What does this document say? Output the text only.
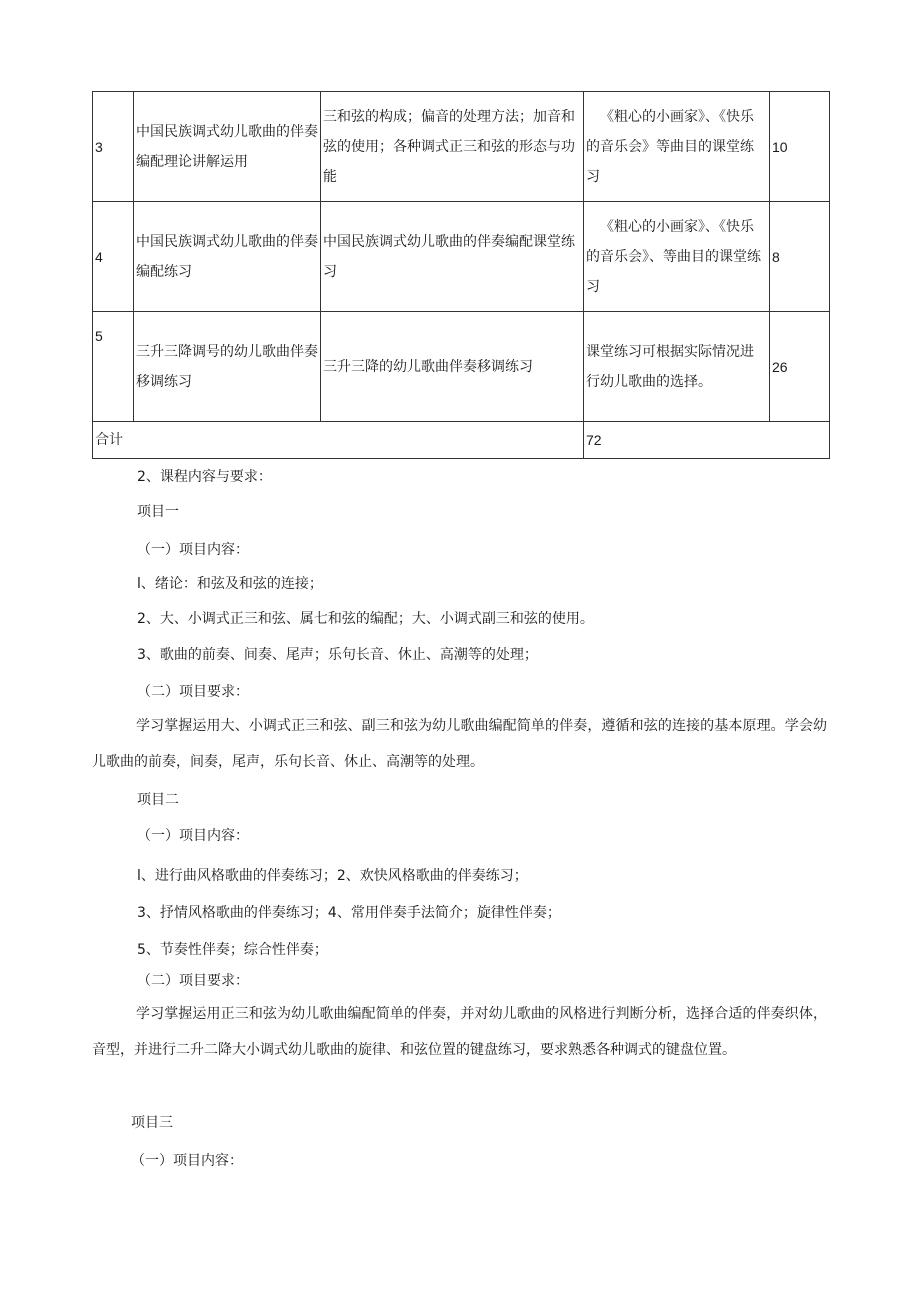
3	中国民族调式幼儿歌曲的伴奏编配理论讲解运用	三和弦的构成；偏音的处理方法；加音和弦的使用；各种调式正三和弦的形态与功能	《粗心的小画家》、《快乐的音乐会》等曲目的课堂练习	10
4	中国民族调式幼儿歌曲的伴奏编配练习	中国民族调式幼儿歌曲的伴奏编配课堂练习	《粗心的小画家》、《快乐的音乐会》、等曲目的课堂练习	8
5	三升三降调号的幼儿歌曲伴奏移调练习	三升三降的幼儿歌曲伴奏移调练习	课堂练习可根据实际情况进行幼儿歌曲的选择。	26
合计			72	
2、课程内容与要求：
项目一
（一）项目内容：
l、绪论：和弦及和弦的连接；
2、大、小调式正三和弦、属七和弦的编配；大、小调式副三和弦的使用。
3、歌曲的前奏、间奏、尾声；乐句长音、休止、高潮等的处理；
（二）项目要求：
学习掌握运用大、小调式正三和弦、副三和弦为幼儿歌曲编配简单的伴奏，遵循和弦的连接的基本原理。学会幼儿歌曲的前奏，间奏，尾声，乐句长音、休止、高潮等的处理。
项目二
（一）项目内容：
l、进行曲风格歌曲的伴奏练习；2、欢快风格歌曲的伴奏练习；
3、抒情风格歌曲的伴奏练习；4、常用伴奏手法简介；旋律性伴奏；
5、节奏性伴奏；综合性伴奏；
（二）项目要求：
学习掌握运用正三和弦为幼儿歌曲编配简单的伴奏，并对幼儿歌曲的风格进行判断分析，选择合适的伴奏织体，音型，并进行二升二降大小调式幼儿歌曲的旋律、和弦位置的键盘练习，要求熟悉各种调式的键盘位置。
项目三
（一）项目内容：
